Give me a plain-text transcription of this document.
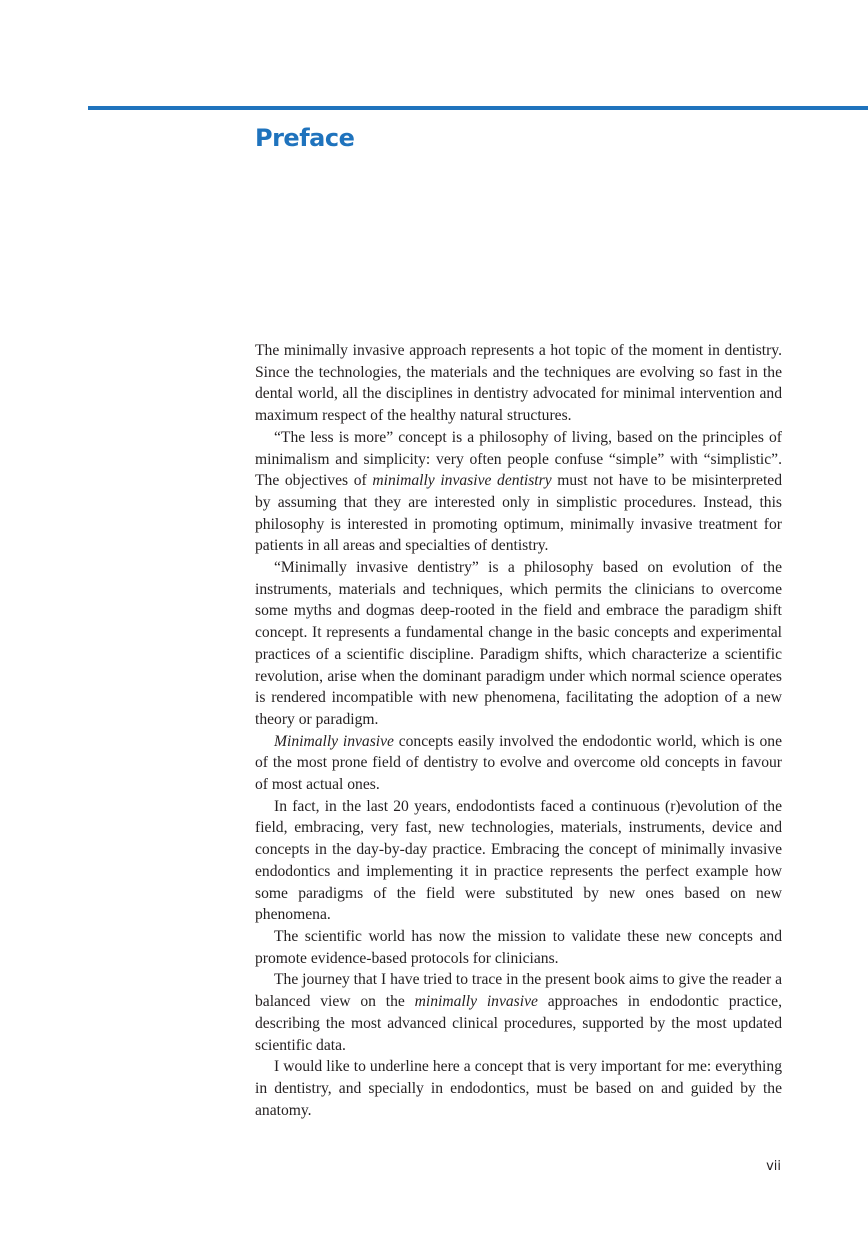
Preface

The minimally invasive approach represents a hot topic of the moment in dentistry. Since the technologies, the materials and the techniques are evolving so fast in the dental world, all the disciplines in dentistry advocated for minimal intervention and maximum respect of the healthy natural structures.

“The less is more” concept is a philosophy of living, based on the principles of minimalism and simplicity: very often people confuse “simple” with “simplistic”. The objectives of minimally invasive dentistry must not have to be misinterpreted by assuming that they are interested only in simplistic procedures. Instead, this philosophy is interested in promoting optimum, minimally invasive treatment for patients in all areas and specialties of dentistry.

“Minimally invasive dentistry” is a philosophy based on evolution of the instruments, materials and techniques, which permits the clinicians to overcome some myths and dogmas deep-rooted in the field and embrace the paradigm shift concept. It represents a fundamental change in the basic concepts and experimental practices of a scientific discipline. Paradigm shifts, which characterize a scientific revolution, arise when the dominant paradigm under which normal science operates is rendered incompatible with new phenomena, facilitating the adoption of a new theory or paradigm.

Minimally invasive concepts easily involved the endodontic world, which is one of the most prone field of dentistry to evolve and overcome old concepts in favour of most actual ones.

In fact, in the last 20 years, endodontists faced a continuous (r)evolution of the field, embracing, very fast, new technologies, materials, instruments, device and concepts in the day-by-day practice. Embracing the concept of minimally invasive endodontics and implementing it in practice represents the perfect example how some paradigms of the field were substituted by new ones based on new phenomena.

The scientific world has now the mission to validate these new concepts and promote evidence-based protocols for clinicians.

The journey that I have tried to trace in the present book aims to give the reader a balanced view on the minimally invasive approaches in endodontic practice, describing the most advanced clinical procedures, supported by the most updated scientific data.

I would like to underline here a concept that is very important for me: everything in dentistry, and specially in endodontics, must be based on and guided by the anatomy.

vii
